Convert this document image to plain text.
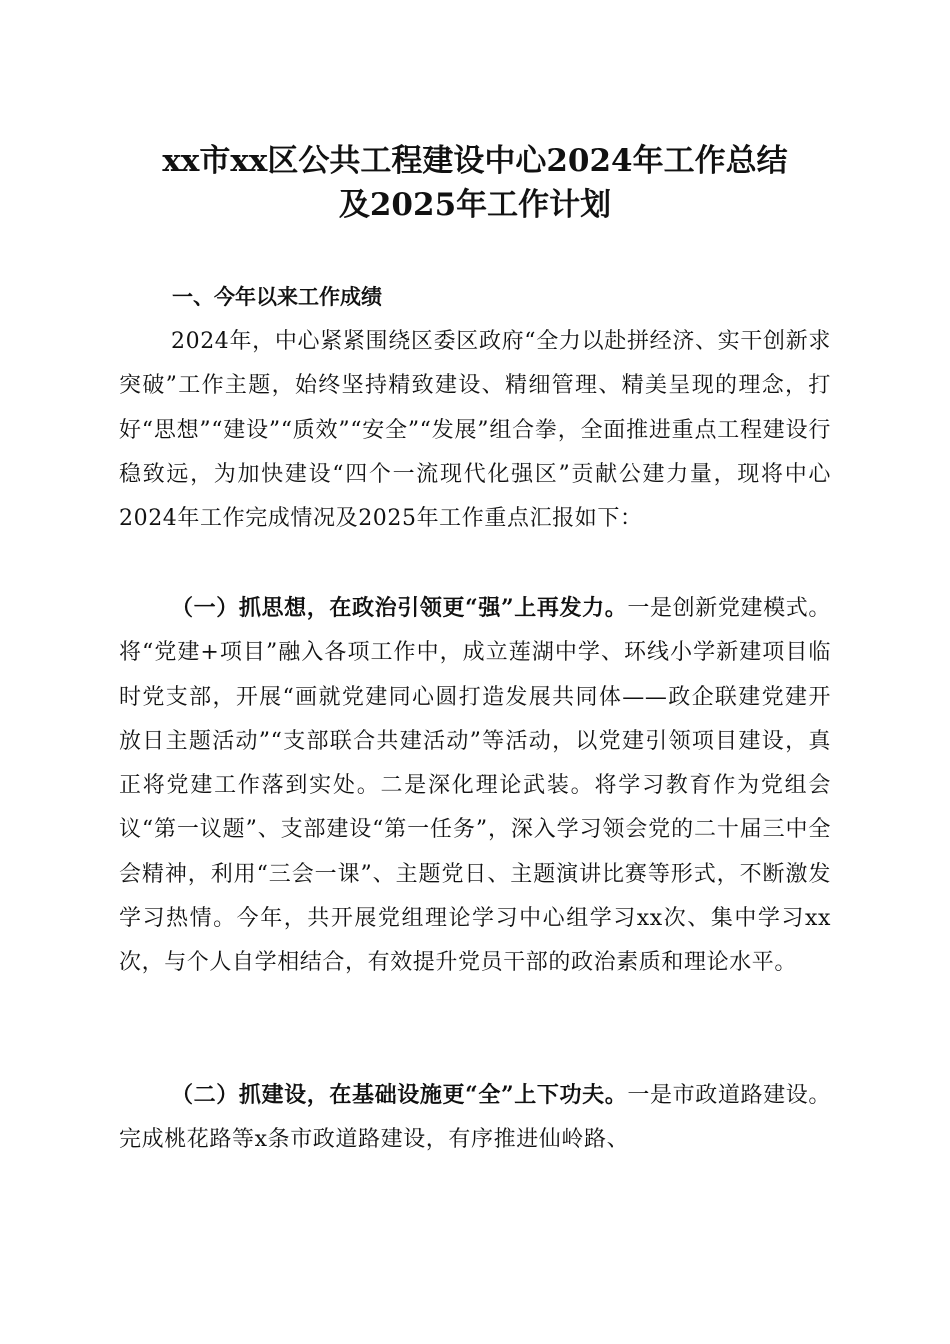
xx市xx区公共工程建设中心2024年工作总结
及2025年工作计划
一、今年以来工作成绩
2024年，中心紧紧围绕区委区政府“全力以赴拼经济、实干创新求突破”工作主题，始终坚持精致建设、精细管理、精美呈现的理念，打好“思想”“建设”“质效”“安全”“发展”组合拳，全面推进重点工程建设行稳致远，为加快建设“四个一流现代化强区”贡献公建力量，现将中心2024年工作完成情况及2025年工作重点汇报如下：
（一）抓思想，在政治引领更“强”上再发力。一是创新党建模式。将“党建+项目”融入各项工作中，成立莲湖中学、环线小学新建项目临时党支部，开展“画就党建同心圆打造发展共同体——政企联建党建开放日主题活动”“支部联合共建活动”等活动，以党建引领项目建设，真正将党建工作落到实处。二是深化理论武装。将学习教育作为党组会议“第一议题”、支部建设“第一任务”，深入学习领会党的二十届三中全会精神，利用“三会一课”、主题党日、主题演讲比赛等形式，不断激发学习热情。今年，共开展党组理论学习中心组学习xx次、集中学习xx次，与个人自学相结合，有效提升党员干部的政治素质和理论水平。
（二）抓建设，在基础设施更“全”上下功夫。一是市政道路建设。完成桃花路等x条市政道路建设，有序推进仙岭路、
